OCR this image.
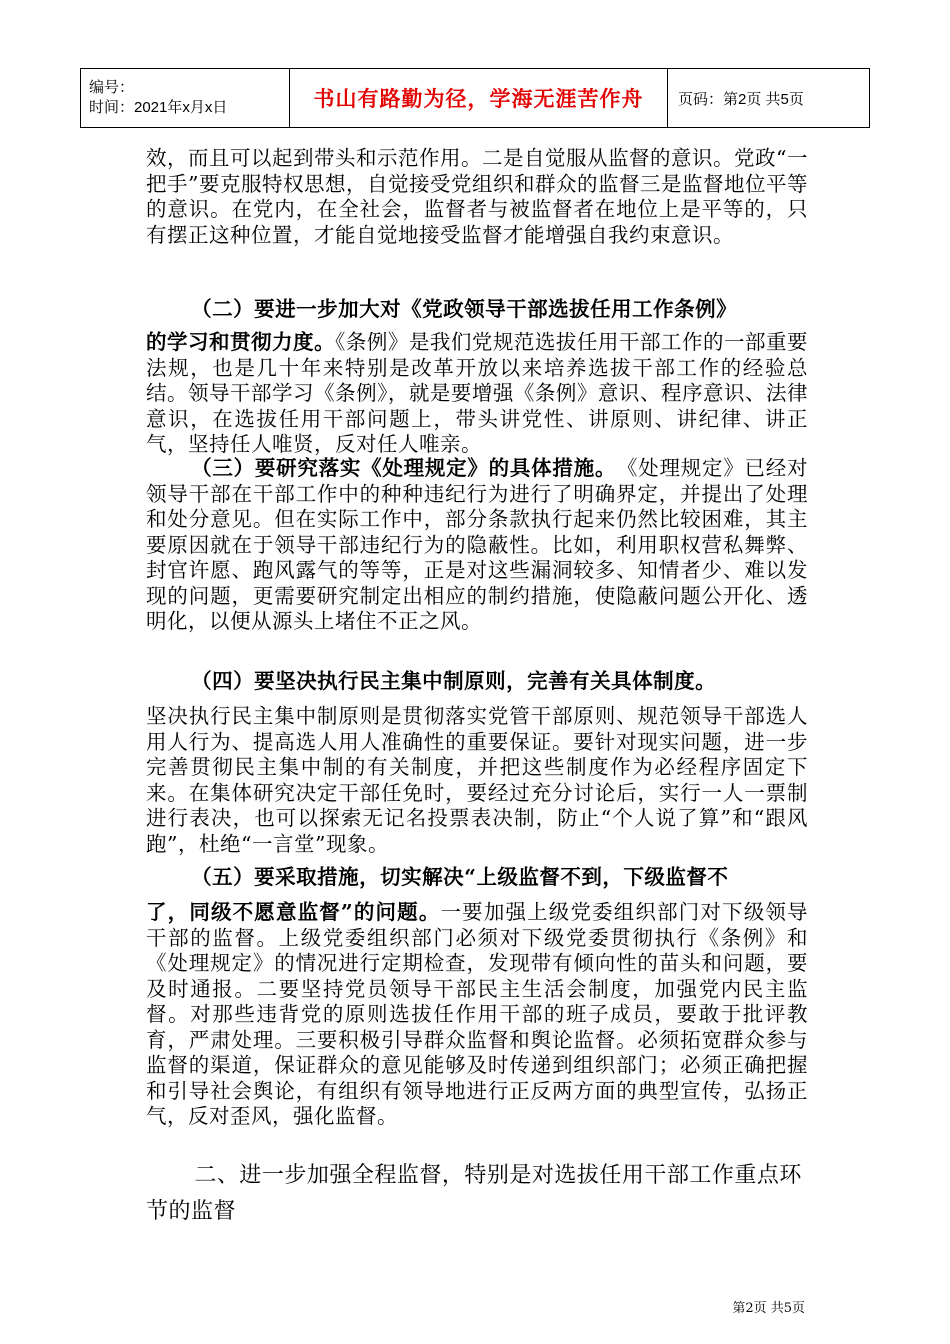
编号：
时间：2021年x月x日	书山有路勤为径，学海无涯苦作舟	页码：第2页 共5页

效，而且可以起到带头和示范作用。二是自觉服从监督的意识。党政“一把手”要克服特权思想，自觉接受党组织和群众的监督三是监督地位平等的意识。在党内，在全社会，监督者与被监督者在地位上是平等的，只有摆正这种位置，才能自觉地接受监督才能增强自我约束意识。

（二）要进一步加大对《党政领导干部选拔任用工作条例》

的学习和贯彻力度。《条例》是我们党规范选拔任用干部工作的一部重要法规，也是几十年来特别是改革开放以来培养选拔干部工作的经验总结。领导干部学习《条例》，就是要增强《条例》意识、程序意识、法律意识，在选拔任用干部问题上，带头讲党性、讲原则、讲纪律、讲正气，坚持任人唯贤，反对任人唯亲。

（三）要研究落实《处理规定》的具体措施。　《处理规定》已经对领导干部在干部工作中的种种违纪行为进行了明确界定，并提出了处理和处分意见。但在实际工作中，部分条款执行起来仍然比较困难，其主要原因就在于领导干部违纪行为的隐蔽性。比如，利用职权营私舞弊、封官许愿、跑风露气的等等，正是对这些漏洞较多、知情者少、难以发现的问题，更需要研究制定出相应的制约措施，使隐蔽问题公开化、透明化，以便从源头上堵住不正之风。

（四）要坚决执行民主集中制原则，完善有关具体制度。

坚决执行民主集中制原则是贯彻落实党管干部原则、规范领导干部选人用人行为、提高选人用人准确性的重要保证。要针对现实问题，进一步完善贯彻民主集中制的有关制度，并把这些制度作为必经程序固定下来。在集体研究决定干部任免时，要经过充分讨论后，实行一人一票制进行表决，也可以探索无记名投票表决制，防止“个人说了算”和“跟风跑”，杜绝“一言堂”现象。

（五）要采取措施，切实解决“上级监督不到，下级监督不

了，同级不愿意监督”的问题。一要加强上级党委组织部门对下级领导干部的监督。上级党委组织部门必须对下级党委贯彻执行《条例》和《处理规定》的情况进行定期检查，发现带有倾向性的苗头和问题，要及时通报。二要坚持党员领导干部民主生活会制度，加强党内民主监督。对那些违背党的原则选拔任作用干部的班子成员，要敢于批评教育，严肃处理。三要积极引导群众监督和舆论监督。必须拓宽群众参与监督的渠道，保证群众的意见能够及时传递到组织部门；必须正确把握和引导社会舆论，有组织有领导地进行正反两方面的典型宣传，弘扬正气，反对歪风，强化监督。

二、进一步加强全程监督，特别是对选拔任用干部工作重点环节的监督

第2页 共5页
